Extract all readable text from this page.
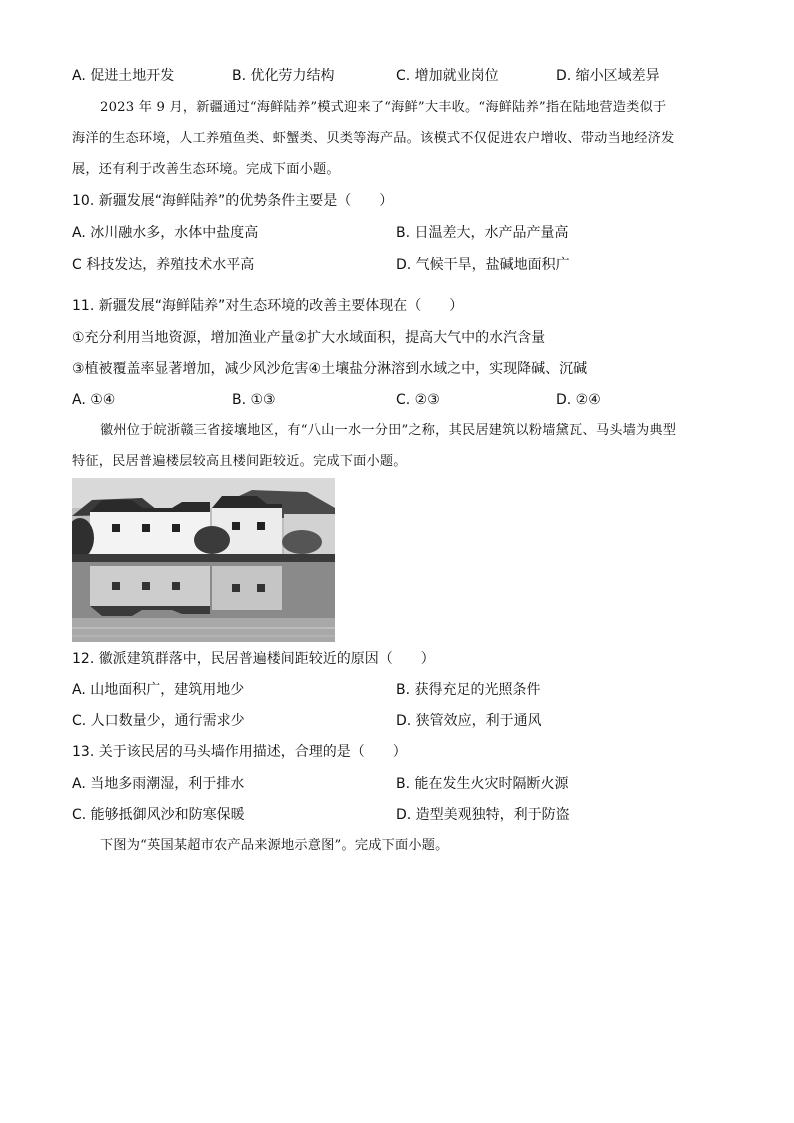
A. 促进土地开发	B. 优化劳力结构	C. 增加就业岗位	D. 缩小区域差异
2023 年 9 月，新疆通过“海鲜陆养”模式迎来了“海鲜”大丰收。“海鲜陆养”指在陆地营造类似于
海洋的生态环境，人工养殖鱼类、虾蟹类、贝类等海产品。该模式不仅促进农户增收、带动当地经济发
展，还有利于改善生态环境。完成下面小题。
10. 新疆发展“海鲜陆养”的优势条件主要是（　　）
A. 冰川融水多，水体中盐度高	B. 日温差大，水产品产量高
C 科技发达，养殖技术水平高	D. 气候干旱，盐碱地面积广
11. 新疆发展“海鲜陆养”对生态环境的改善主要体现在（　　）
①充分利用当地资源，增加渔业产量②扩大水域面积，提高大气中的水汽含量
③植被覆盖率显著增加，减少风沙危害④土壤盐分淋溶到水域之中，实现降碱、沉碱
A. ①④	B. ①③	C. ②③	D. ②④
徽州位于皖浙赣三省接壤地区，有“八山一水一分田”之称，其民居建筑以粉墙黛瓦、马头墙为典型
特征，民居普遍楼层较高且楼间距较近。完成下面小题。
12. 徽派建筑群落中，民居普遍楼间距较近的原因（　　）
A. 山地面积广，建筑用地少	B. 获得充足的光照条件
C. 人口数量少，通行需求少	D. 狭管效应，利于通风
13. 关于该民居的马头墙作用描述，合理的是（　　）
A. 当地多雨潮湿，利于排水	B. 能在发生火灾时隔断火源
C. 能够抵御风沙和防寒保暖	D. 造型美观独特，利于防盗
下图为“英国某超市农产品来源地示意图”。完成下面小题。
